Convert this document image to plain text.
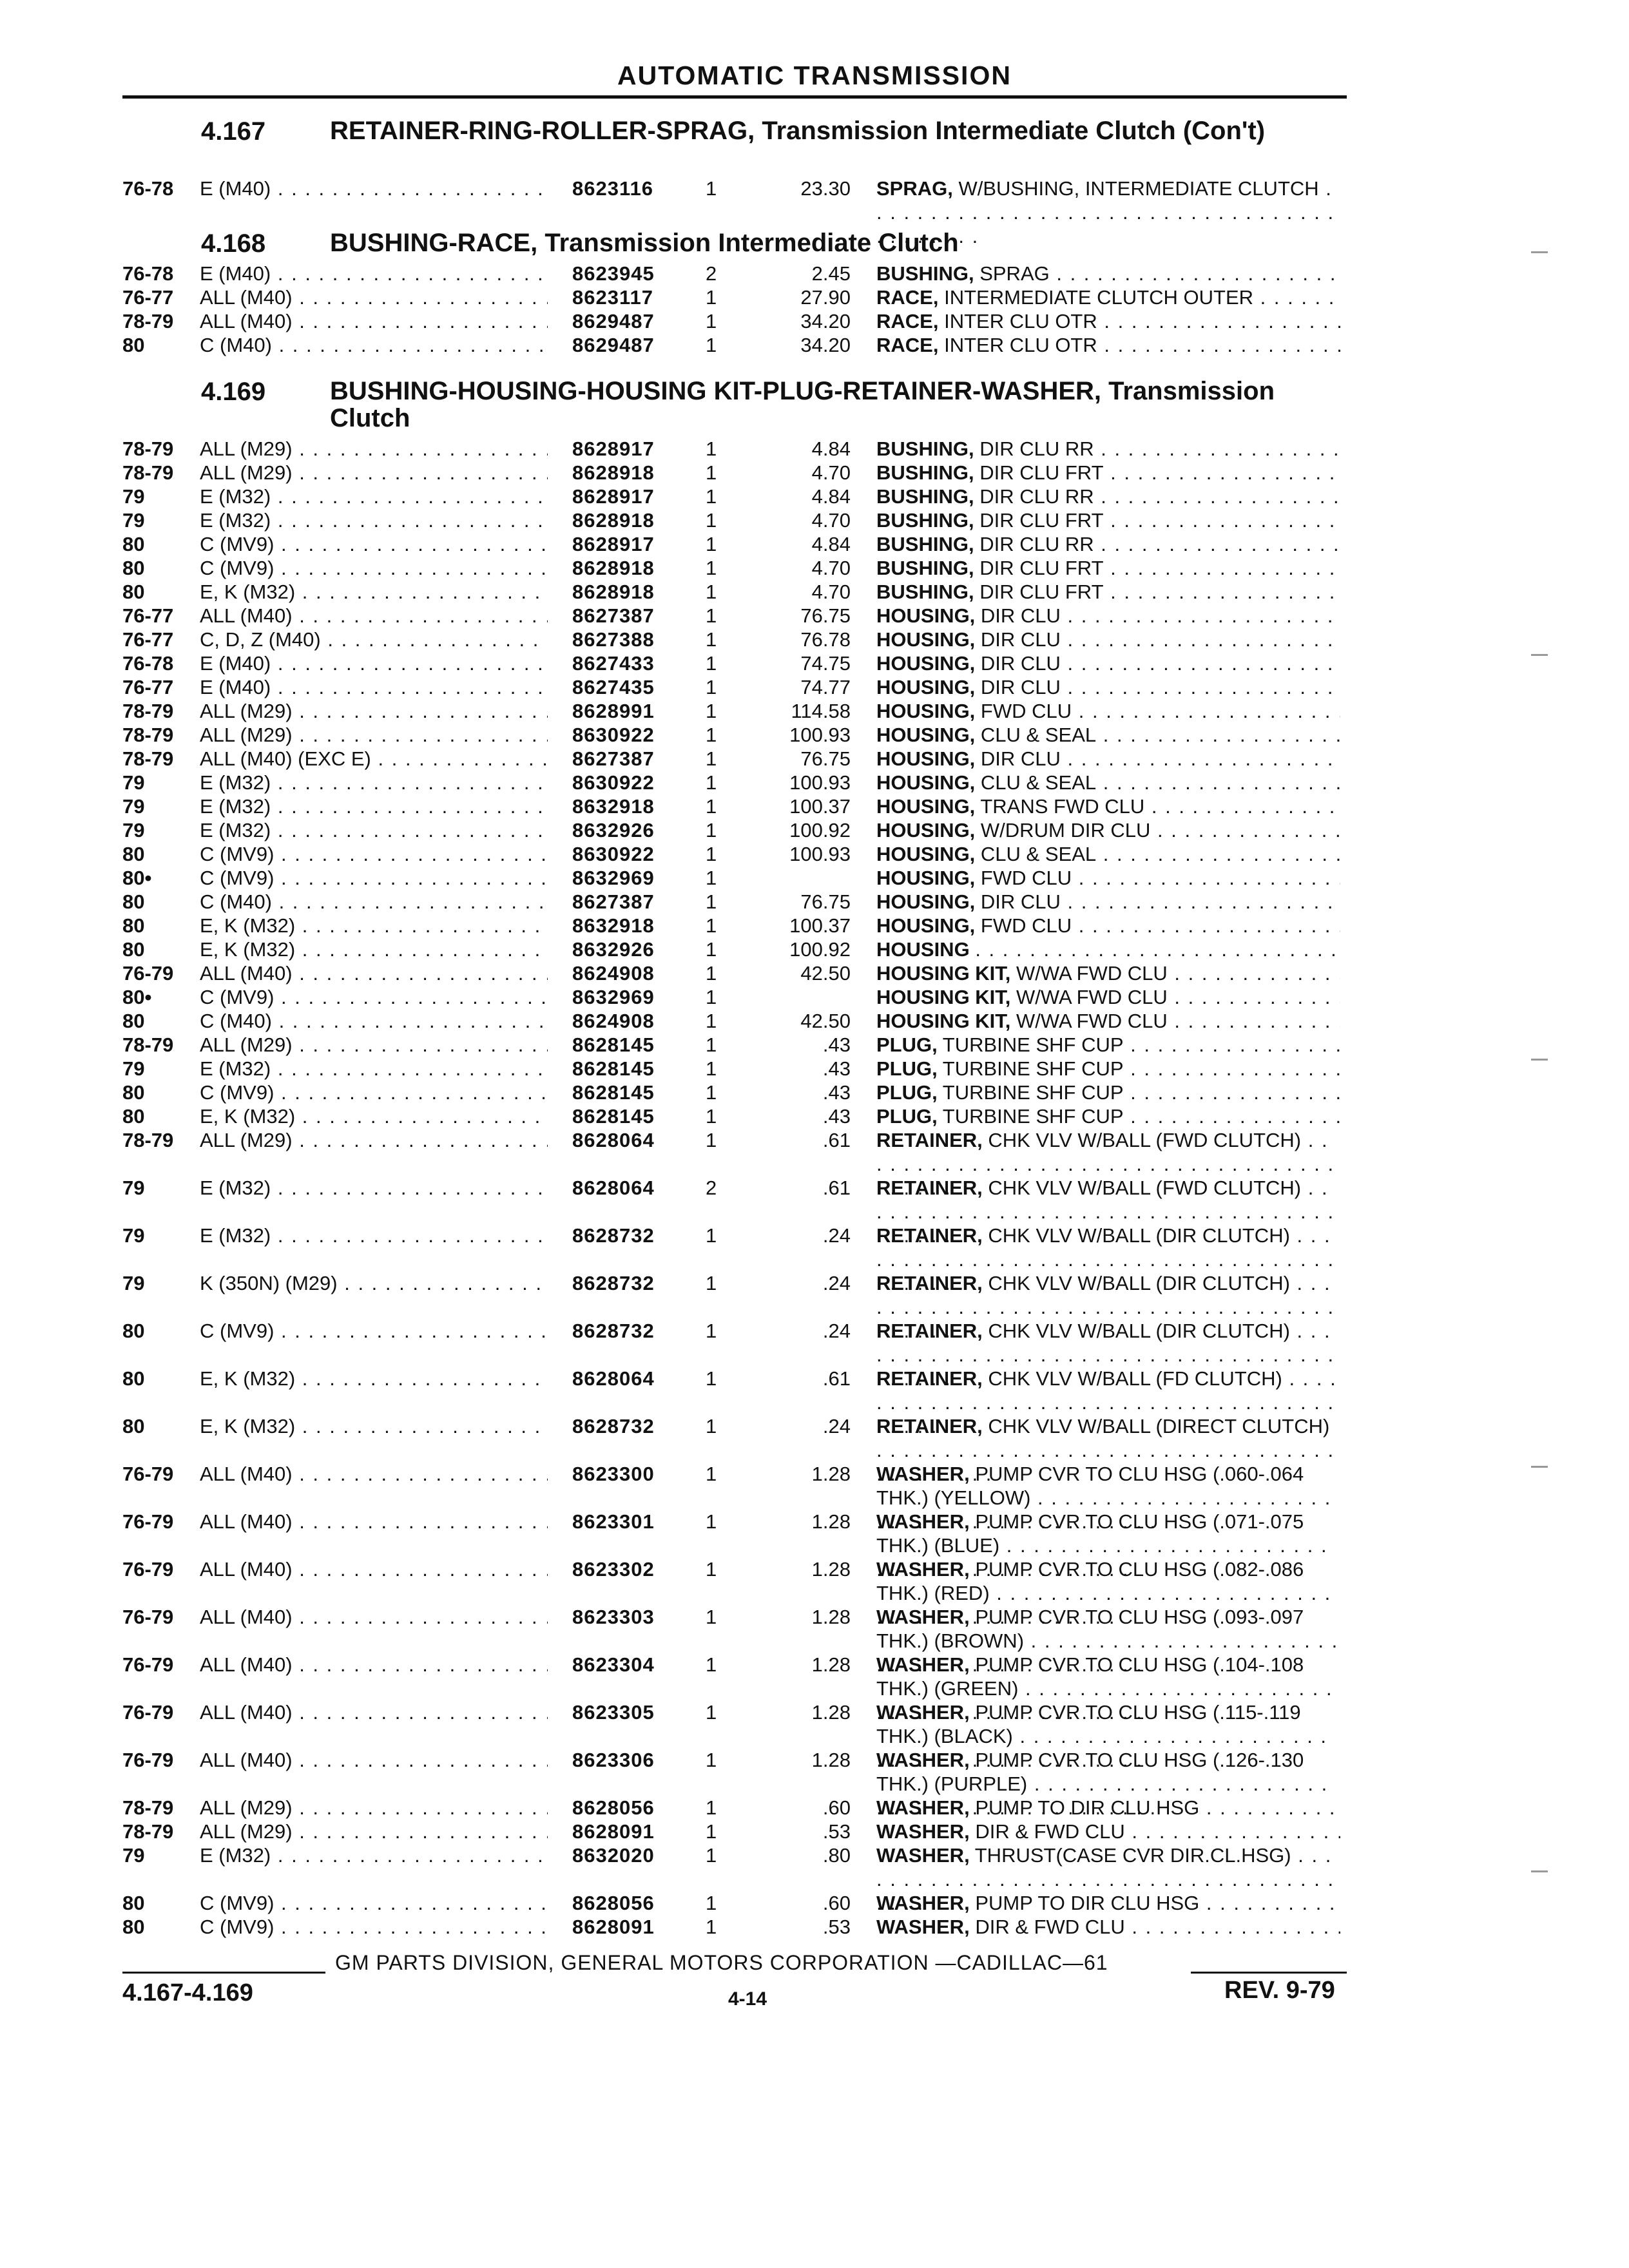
AUTOMATIC TRANSMISSION
4.167 RETAINER-RING-ROLLER-SPRAG, Transmission Intermediate Clutch (Con't)
76-78 E (M40) . . .	8623116	1	23.30 SPRAG, W/BUSHING, INTERMEDIATE CLUTCH . . .
4.168 BUSHING-RACE, Transmission Intermediate Clutch
76-78 E (M40) . . .	8623945	2	2.45 BUSHING, SPRAG . . .
76-77 ALL (M40) . . .	8623117	1	27.90 RACE, INTERMEDIATE CLUTCH OUTER . . .
78-79 ALL (M40) . . .	8629487	1	34.20 RACE, INTER CLU OTR . . .
80	C (M40) . . .	8629487	1	34.20 RACE, INTER CLU OTR . . .
4.169 BUSHING-HOUSING-HOUSING KIT-PLUG-RETAINER-WASHER, Transmission Clutch
78-79 ALL (M29) . . .	8628917	1	4.84 BUSHING, DIR CLU RR . . .
78-79 ALL (M29) . . .	8628918	1	4.70 BUSHING, DIR CLU FRT . . .
79	E (M32) . . .	8628917	1	4.84 BUSHING, DIR CLU RR . . .
79	E (M32) . . .	8628918	1	4.70 BUSHING, DIR CLU FRT . . .
80	C (MV9) . . .	8628917	1	4.84 BUSHING, DIR CLU RR . . .
80	C (MV9) . . .	8628918	1	4.70 BUSHING, DIR CLU FRT . . .
80	E, K (M32) . . .	8628918	1	4.70 BUSHING, DIR CLU FRT . . .
76-77 ALL (M40) . . .	8627387	1	76.75 HOUSING, DIR CLU . . .
76-77 C, D, Z (M40) . . .	8627388	1	76.78 HOUSING, DIR CLU . . .
76-78 E (M40) . . .	8627433	1	74.75 HOUSING, DIR CLU . . .
76-77 E (M40) . . .	8627435	1	74.77 HOUSING, DIR CLU . . .
78-79 ALL (M29) . . .	8628991	1	114.58 HOUSING, FWD CLU . . .
78-79 ALL (M29) . . .	8630922	1	100.93 HOUSING, CLU & SEAL . . .
78-79 ALL (M40) (EXC E) . . .	8627387	1	76.75 HOUSING, DIR CLU . . .
79	E (M32) . . .	8630922	1	100.93 HOUSING, CLU & SEAL . . .
79	E (M32) . . .	8632918	1	100.37 HOUSING, TRANS FWD CLU . . .
79	E (M32) . . .	8632926	1	100.92 HOUSING, W/DRUM DIR CLU . . .
80	C (MV9) . . .	8630922	1	100.93 HOUSING, CLU & SEAL . . .
80• C (MV9) . . .	8632969	1	HOUSING, FWD CLU . . .
80	C (M40) . . .	8627387	1	76.75 HOUSING, DIR CLU . . .
80	E, K (M32) . . .	8632918	1	100.37 HOUSING, FWD CLU . . .
80	E, K (M32) . . .	8632926	1	100.92 HOUSING . . .
76-79 ALL (M40) . . .	8624908	1	42.50 HOUSING KIT, W/WA FWD CLU . . .
80• C (MV9) . . .	8632969	1	HOUSING KIT, W/WA FWD CLU . . .
80	C (M40) . . .	8624908	1	42.50 HOUSING KIT, W/WA FWD CLU . . .
78-79 ALL (M29) . . .	8628145	1	.43 PLUG, TURBINE SHF CUP . . .
79	E (M32) . . .	8628145	1	.43 PLUG, TURBINE SHF CUP . . .
80	C (MV9) . . .	8628145	1	.43 PLUG, TURBINE SHF CUP . . .
80	E, K (M32) . . .	8628145	1	.43 PLUG, TURBINE SHF CUP . . .
78-79 ALL (M29) . . .	8628064	1	.61 RETAINER, CHK VLV W/BALL (FWD CLUTCH) . . .
79	E (M32) . . .	8628064	2	.61 RETAINER, CHK VLV W/BALL (FWD CLUTCH) . . .
79	E (M32) . . .	8628732	1	.24 RETAINER, CHK VLV W/BALL (DIR CLUTCH) . . .
79	K (350N) (M29) . . .	8628732	1	.24 RETAINER, CHK VLV W/BALL (DIR CLUTCH) . . .
80	C (MV9) . . .	8628732	1	.24 RETAINER, CHK VLV W/BALL (DIR CLUTCH) . . .
80	E, K (M32) . . .	8628064	1	.61 RETAINER, CHK VLV W/BALL (FD CLUTCH) . . .
80	E, K (M32) . . .	8628732	1	.24 RETAINER, CHK VLV W/BALL (DIRECT CLUTCH) . . .
76-79 ALL (M40) . . .	8623300	1	1.28 WASHER, PUMP CVR TO CLU HSG (.060-.064 THK.) (YELLOW) . . .
76-79 ALL (M40) . . .	8623301	1	1.28 WASHER, PUMP CVR TO CLU HSG (.071-.075 THK.) (BLUE) . . .
76-79 ALL (M40) . . .	8623302	1	1.28 WASHER, PUMP CVR TO CLU HSG (.082-.086 THK.) (RED) . . .
76-79 ALL (M40) . . .	8623303	1	1.28 WASHER, PUMP CVR TO CLU HSG (.093-.097 THK.) (BROWN) . . .
76-79 ALL (M40) . . .	8623304	1	1.28 WASHER, PUMP CVR TO CLU HSG (.104-.108 THK.) (GREEN) . . .
76-79 ALL (M40) . . .	8623305	1	1.28 WASHER, PUMP CVR TO CLU HSG (.115-.119 THK.) (BLACK) . . .
76-79 ALL (M40) . . .	8623306	1	1.28 WASHER, PUMP CVR TO CLU HSG (.126-.130 THK.) (PURPLE) . . .
78-79 ALL (M29) . . .	8628056	1	.60 WASHER, PUMP TO DIR CLU HSG . . .
78-79 ALL (M29) . . .	8628091	1	.53 WASHER, DIR & FWD CLU . . .
79	E (M32) . . .	8632020	1	.80 WASHER, THRUST(CASE CVR DIR.CL.HSG) . . .
80	C (MV9) . . .	8628056	1	.60 WASHER, PUMP TO DIR CLU HSG . . .
80	C (MV9) . . .	8628091	1	.53 WASHER, DIR & FWD CLU . . .
GM PARTS DIVISION, GENERAL MOTORS CORPORATION —CADILLAC—61
4.167-4.169	4-14	REV. 9-79
